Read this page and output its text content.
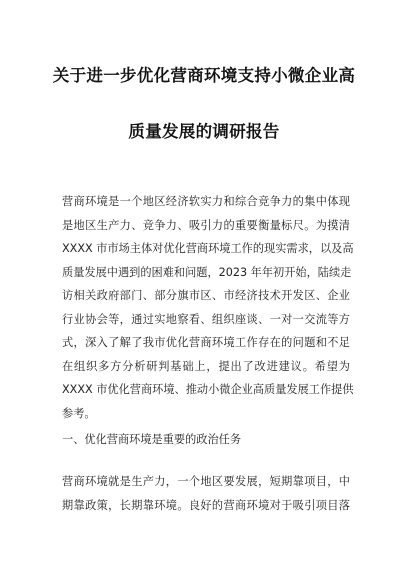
关于进一步优化营商环境支持小微企业高
质量发展的调研报告
营商环境是一个地区经济软实力和综合竞争力的集中体现
是地区生产力、竞争力、吸引力的重要衡量标尺。为摸清
XXXX 市市场主体对优化营商环境工作的现实需求，以及高
质量发展中遇到的困难和问题，2023 年年初开始，陆续走
访相关政府部门、部分旗市区、市经济技术开发区、企业
行业协会等，通过实地察看、组织座谈、一对一交流等方
式，深入了解了我市优化营商环境工作存在的问题和不足
在组织多方分析研判基础上，提出了改进建议。希望为
XXXX 市优化营商环境、推动小微企业高质量发展工作提供
参考。
一、优化营商环境是重要的政治任务
营商环境就是生产力，一个地区要发展，短期靠项目，中
期靠政策，长期靠环境。良好的营商环境对于吸引项目落
